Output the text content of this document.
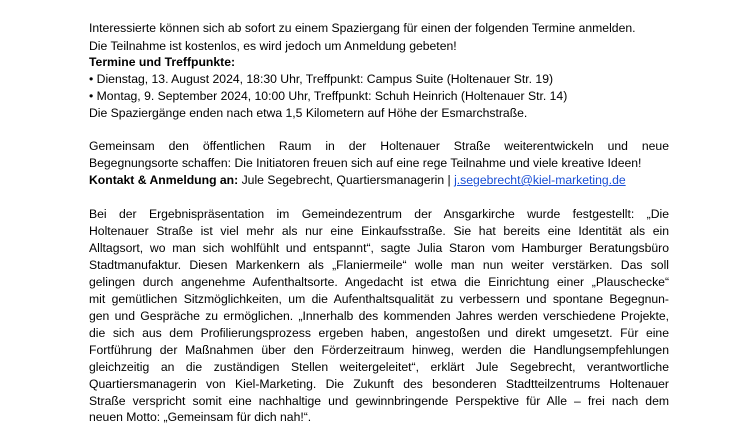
Interessierte können sich ab sofort zu einem Spaziergang für einen der folgenden Termine anmelden.
Die Teilnahme ist kostenlos, es wird jedoch um Anmeldung gebeten!
Termine und Treffpunkte:
• Dienstag, 13. August 2024, 18:30 Uhr, Treffpunkt: Campus Suite (Holtenauer Str. 19)
• Montag, 9. September 2024, 10:00 Uhr, Treffpunkt: Schuh Heinrich (Holtenauer Str. 14)
Die Spaziergänge enden nach etwa 1,5 Kilometern auf Höhe der Esmarchstraße.
Gemeinsam den öffentlichen Raum in der Holtenauer Straße weiterentwickeln und neue
Begegnungsorte schaffen: Die Initiatoren freuen sich auf eine rege Teilnahme und viele kreative Ideen!
Kontakt & Anmeldung an: Jule Segebrecht, Quartiersmanagerin | j.segebrecht@kiel-marketing.de
Bei der Ergebnispräsentation im Gemeindezentrum der Ansgarkirche wurde festgestellt: „Die
Holtenauer Straße ist viel mehr als nur eine Einkaufsstraße. Sie hat bereits eine Identität als ein
Alltagsort, wo man sich wohlfühlt und entspannt“, sagte Julia Staron vom Hamburger Beratungsbüro
Stadtmanufaktur. Diesen Markenkern als „Flaniermeile“ wolle man nun weiter verstärken. Das soll
gelingen durch angenehme Aufenthaltsorte. Angedacht ist etwa die Einrichtung einer „Plauschecke“
mit gemütlichen Sitzmöglichkeiten, um die Aufenthaltsqualität zu verbessern und spontane Begegnun-
gen und Gespräche zu ermöglichen. „Innerhalb des kommenden Jahres werden verschiedene Projekte,
die sich aus dem Profilierungsprozess ergeben haben, angestoßen und direkt umgesetzt. Für eine
Fortführung der Maßnahmen über den Förderzeitraum hinweg, werden die Handlungsempfehlungen
gleichzeitig an die zuständigen Stellen weitergeleitet“, erklärt Jule Segebrecht, verantwortliche
Quartiersmanagerin von Kiel-Marketing. Die Zukunft des besonderen Stadtteilzentrums Holtenauer
Straße verspricht somit eine nachhaltige und gewinnbringende Perspektive für Alle – frei nach dem
neuen Motto: „Gemeinsam für dich nah!“.
